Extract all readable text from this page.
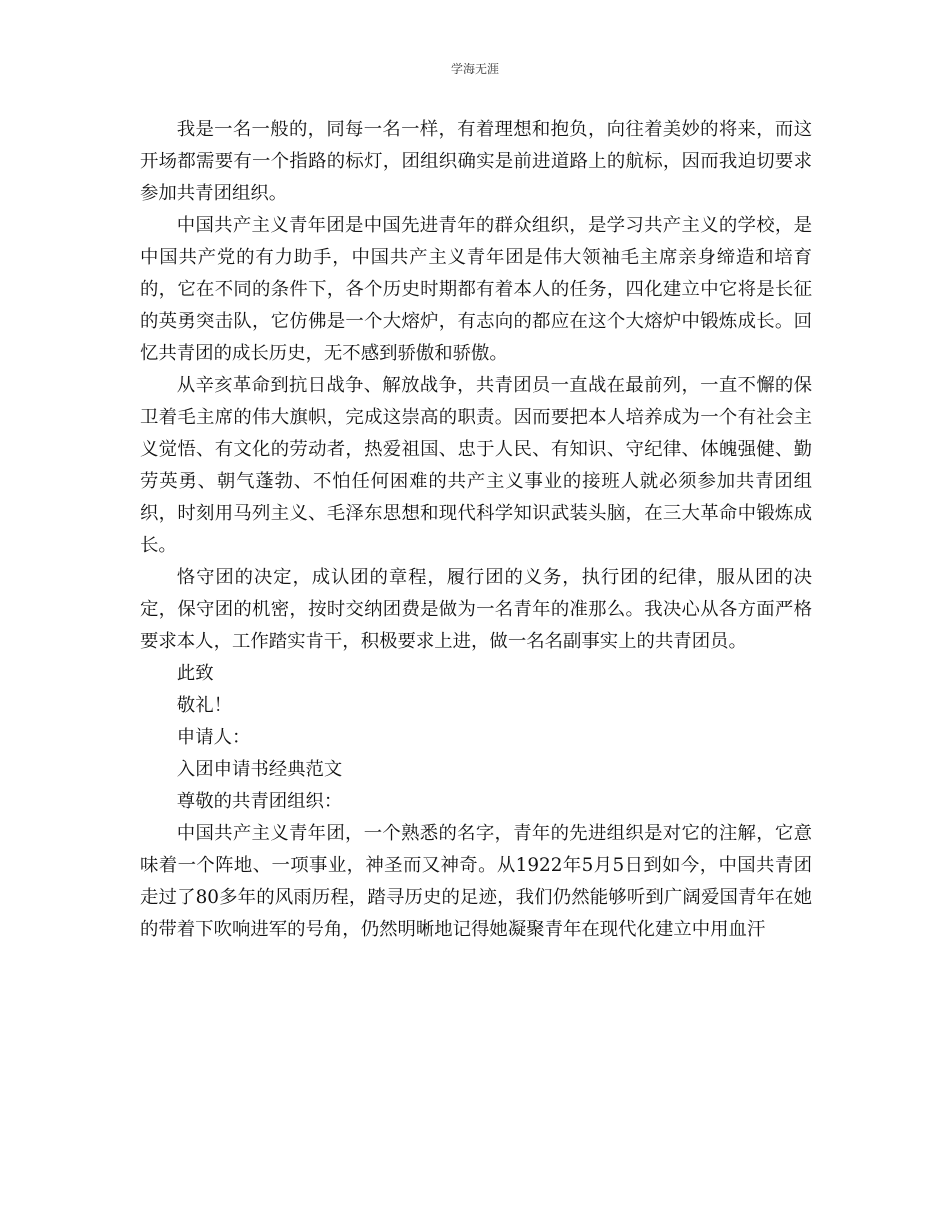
学海无涯

我是一名一般的，同每一名一样，有着理想和抱负，向往着美妙的将来，而这开场都需要有一个指路的标灯，团组织确实是前进道路上的航标，因而我迫切要求参加共青团组织。

中国共产主义青年团是中国先进青年的群众组织，是学习共产主义的学校，是中国共产党的有力助手，中国共产主义青年团是伟大领袖毛主席亲身缔造和培育的，它在不同的条件下，各个历史时期都有着本人的任务，四化建立中它将是长征的英勇突击队，它仿佛是一个大熔炉，有志向的都应在这个大熔炉中锻炼成长。回忆共青团的成长历史，无不感到骄傲和骄傲。

从辛亥革命到抗日战争、解放战争，共青团员一直战在最前列，一直不懈的保卫着毛主席的伟大旗帜，完成这崇高的职责。因而要把本人培养成为一个有社会主义觉悟、有文化的劳动者，热爱祖国、忠于人民、有知识、守纪律、体魄强健、勤劳英勇、朝气蓬勃、不怕任何困难的共产主义事业的接班人就必须参加共青团组织，时刻用马列主义、毛泽东思想和现代科学知识武装头脑，在三大革命中锻炼成长。

恪守团的决定，成认团的章程，履行团的义务，执行团的纪律，服从团的决定，保守团的机密，按时交纳团费是做为一名青年的准那么。我决心从各方面严格要求本人，工作踏实肯干，积极要求上进，做一名名副事实上的共青团员。

此致

敬礼！

申请人：

入团申请书经典范文

尊敬的共青团组织：

中国共产主义青年团，一个熟悉的名字，青年的先进组织是对它的注解，它意味着一个阵地、一项事业，神圣而又神奇。从1922年5月5日到如今，中国共青团走过了80多年的风雨历程，踏寻历史的足迹，我们仍然能够听到广阔爱国青年在她的带着下吹响进军的号角，仍然明晰地记得她凝聚青年在现代化建立中用血汗
